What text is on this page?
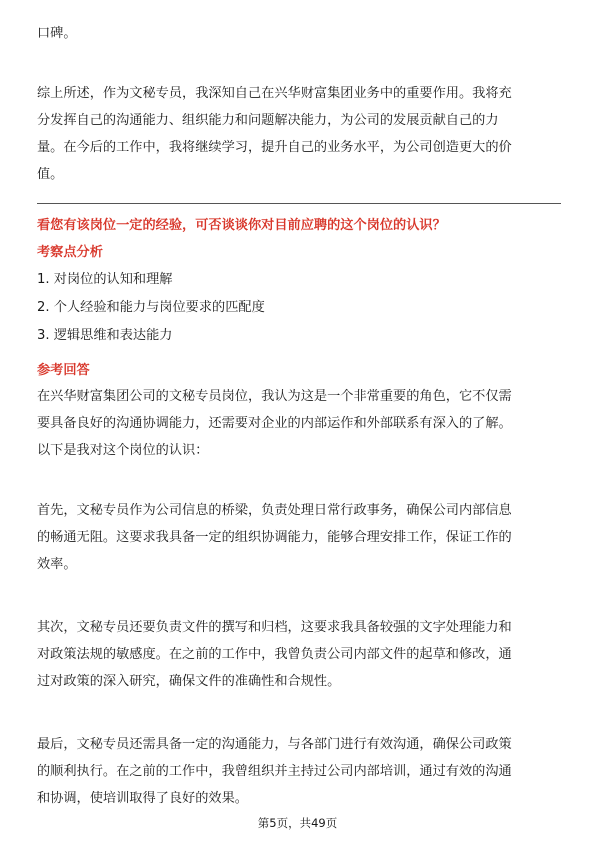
口碑。

综上所述，作为文秘专员，我深知自己在兴华财富集团业务中的重要作用。我将充
分发挥自己的沟通能力、组织能力和问题解决能力，为公司的发展贡献自己的力
量。在今后的工作中，我将继续学习，提升自己的业务水平，为公司创造更大的价
值。

看您有该岗位一定的经验，可否谈谈你对目前应聘的这个岗位的认识？

考察点分析

1. 对岗位的认知和理解

2. 个人经验和能力与岗位要求的匹配度

3. 逻辑思维和表达能力

参考回答

在兴华财富集团公司的文秘专员岗位，我认为这是一个非常重要的角色，它不仅需
要具备良好的沟通协调能力，还需要对企业的内部运作和外部联系有深入的了解。
以下是我对这个岗位的认识：

首先，文秘专员作为公司信息的桥梁，负责处理日常行政事务，确保公司内部信息
的畅通无阻。这要求我具备一定的组织协调能力，能够合理安排工作，保证工作的
效率。

其次，文秘专员还要负责文件的撰写和归档，这要求我具备较强的文字处理能力和
对政策法规的敏感度。在之前的工作中，我曾负责公司内部文件的起草和修改，通
过对政策的深入研究，确保文件的准确性和合规性。

最后，文秘专员还需具备一定的沟通能力，与各部门进行有效沟通，确保公司政策
的顺利执行。在之前的工作中，我曾组织并主持过公司内部培训，通过有效的沟通
和协调，使培训取得了良好的效果。

第5页，共49页
